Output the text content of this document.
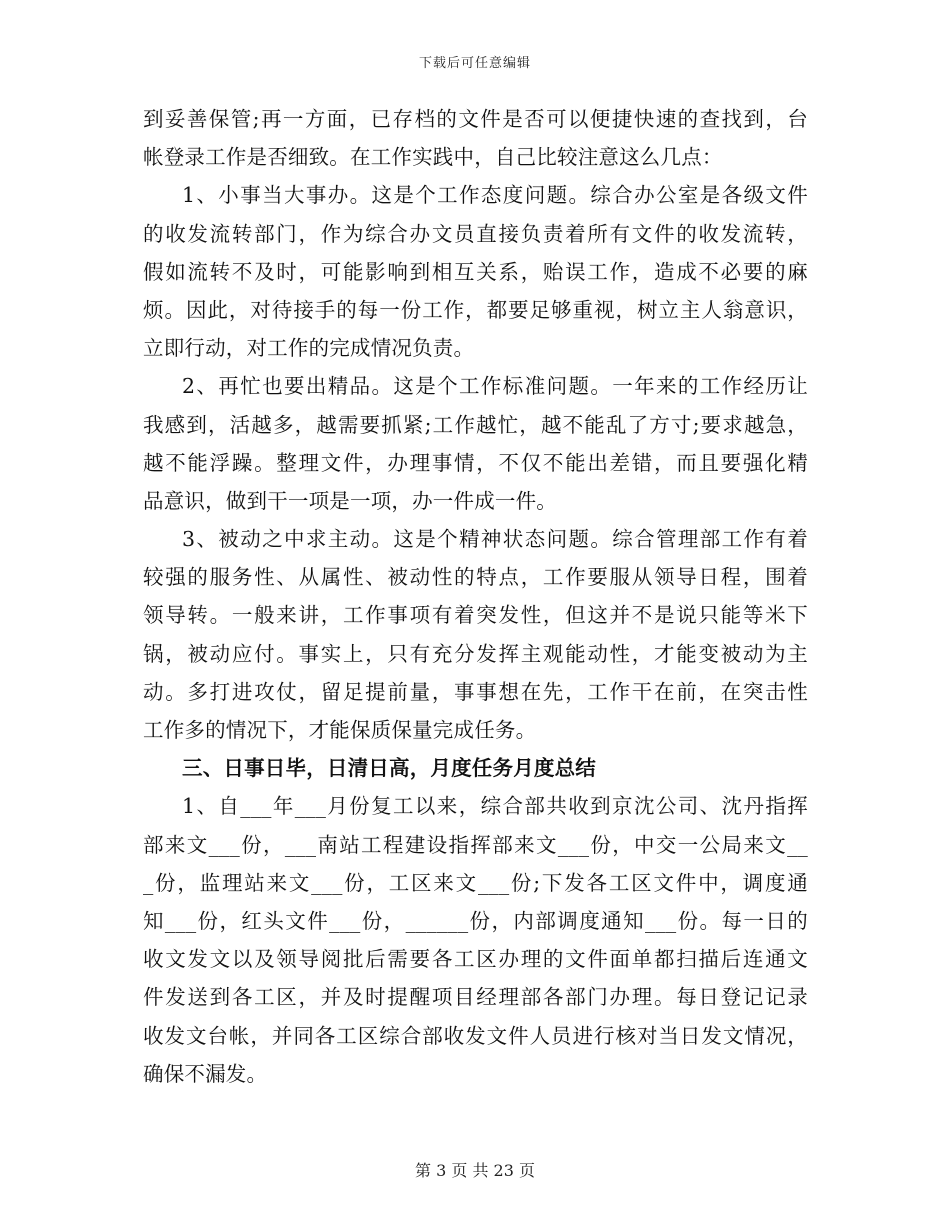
下载后可任意编辑
到妥善保管;再一方面，已存档的文件是否可以便捷快速的查找到，台
帐登录工作是否细致。在工作实践中，自己比较注意这么几点：
1、小事当大事办。这是个工作态度问题。综合办公室是各级文件
的收发流转部门，作为综合办文员直接负责着所有文件的收发流转，
假如流转不及时，可能影响到相互关系，贻误工作，造成不必要的麻
烦。因此，对待接手的每一份工作，都要足够重视，树立主人翁意识，
立即行动，对工作的完成情况负责。
2、再忙也要出精品。这是个工作标准问题。一年来的工作经历让
我感到，活越多，越需要抓紧;工作越忙，越不能乱了方寸;要求越急，
越不能浮躁。整理文件，办理事情，不仅不能出差错，而且要强化精
品意识，做到干一项是一项，办一件成一件。
3、被动之中求主动。这是个精神状态问题。综合管理部工作有着
较强的服务性、从属性、被动性的特点，工作要服从领导日程，围着
领导转。一般来讲，工作事项有着突发性，但这并不是说只能等米下
锅，被动应付。事实上，只有充分发挥主观能动性，才能变被动为主
动。多打进攻仗，留足提前量，事事想在先，工作干在前，在突击性
工作多的情况下，才能保质保量完成任务。
三、日事日毕，日清日高，月度任务月度总结
1、自___年___月份复工以来，综合部共收到京沈公司、沈丹指挥
部来文___份，___南站工程建设指挥部来文___份，中交一公局来文__
_份，监理站来文___份，工区来文___份;下发各工区文件中，调度通
知___份，红头文件___份，______份，内部调度通知___份。每一日的
收文发文以及领导阅批后需要各工区办理的文件面单都扫描后连通文
件发送到各工区，并及时提醒项目经理部各部门办理。每日登记记录
收发文台帐，并同各工区综合部收发文件人员进行核对当日发文情况，
确保不漏发。
第 3 页 共 23 页
